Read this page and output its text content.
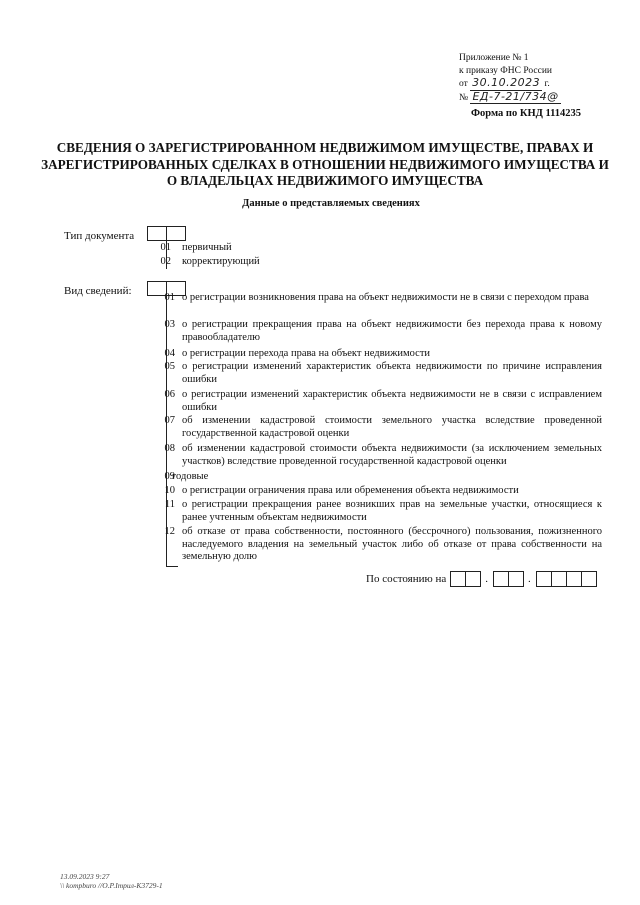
Приложение № 1
к приказу ФНС России
от 30.10.2023 г.
№ ЕД-7-21/734@
Форма по КНД 1114235
СВЕДЕНИЯ О ЗАРЕГИСТРИРОВАННОМ НЕДВИЖИМОМ ИМУЩЕСТВЕ, ПРАВАХ И ЗАРЕГИСТРИРОВАННЫХ СДЕЛКАХ В ОТНОШЕНИИ НЕДВИЖИМОГО ИМУЩЕСТВА И О ВЛАДЕЛЬЦАХ НЕДВИЖИМОГО ИМУЩЕСТВА
Данные о представляемых сведениях
Тип документа
01 первичный
02 корректирующий
Вид сведений:
01 о регистрации возникновения права на объект недвижимости не в связи с переходом права
03 о регистрации прекращения права на объект недвижимости без перехода права к новому правообладателю
04 о регистрации перехода права на объект недвижимости
05 о регистрации изменений характеристик объекта недвижимости по причине исправления ошибки
06 о регистрации изменений характеристик объекта недвижимости не в связи с исправлением ошибки
07 об изменении кадастровой стоимости земельного участка вследствие проведенной государственной кадастровой оценки
08 об изменении кадастровой стоимости объекта недвижимости (за исключением земельных участков) вследствие проведенной государственной кадастровой оценки
09
годовые
10 о регистрации ограничения права или обременения объекта недвижимости
11 о регистрации прекращения ранее возникших прав на земельные участки, относящиеся к ранее учтенным объектам недвижимости
12 об отказе от права собственности, постоянного (бессрочного) пользования, пожизненного наследуемого владения на земельный участок либо об отказе от права собственности на земельную долю
По состоянию на	.	.
13.09.2023 9:27
\\ kompburo //О.Р.Ітрил-К3729-1
